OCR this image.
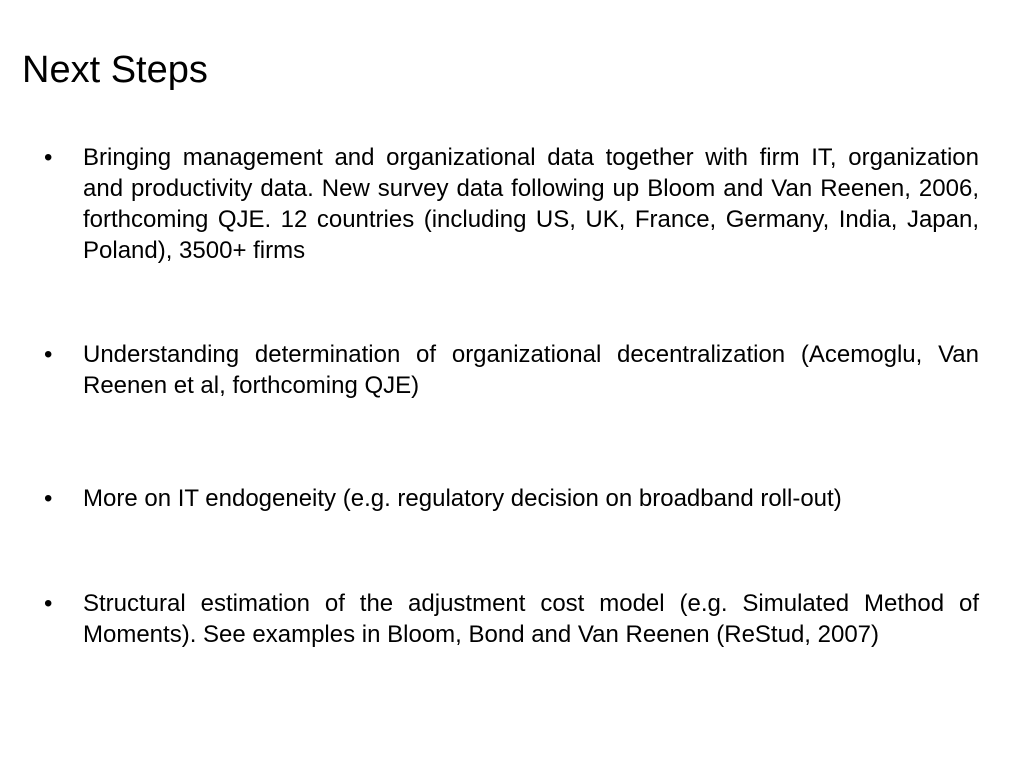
Next Steps
• Bringing management and organizational data together with firm IT, organization and productivity data. New survey data following up Bloom and Van Reenen, 2006, forthcoming QJE. 12 countries (including US, UK, France, Germany, India, Japan, Poland), 3500+ firms
• Understanding determination of organizational decentralization (Acemoglu, Van Reenen et al, forthcoming QJE)
• More on IT endogeneity (e.g. regulatory decision on broadband roll-out)
• Structural estimation of the adjustment cost model (e.g. Simulated Method of Moments). See examples in Bloom, Bond and Van Reenen (ReStud, 2007)
